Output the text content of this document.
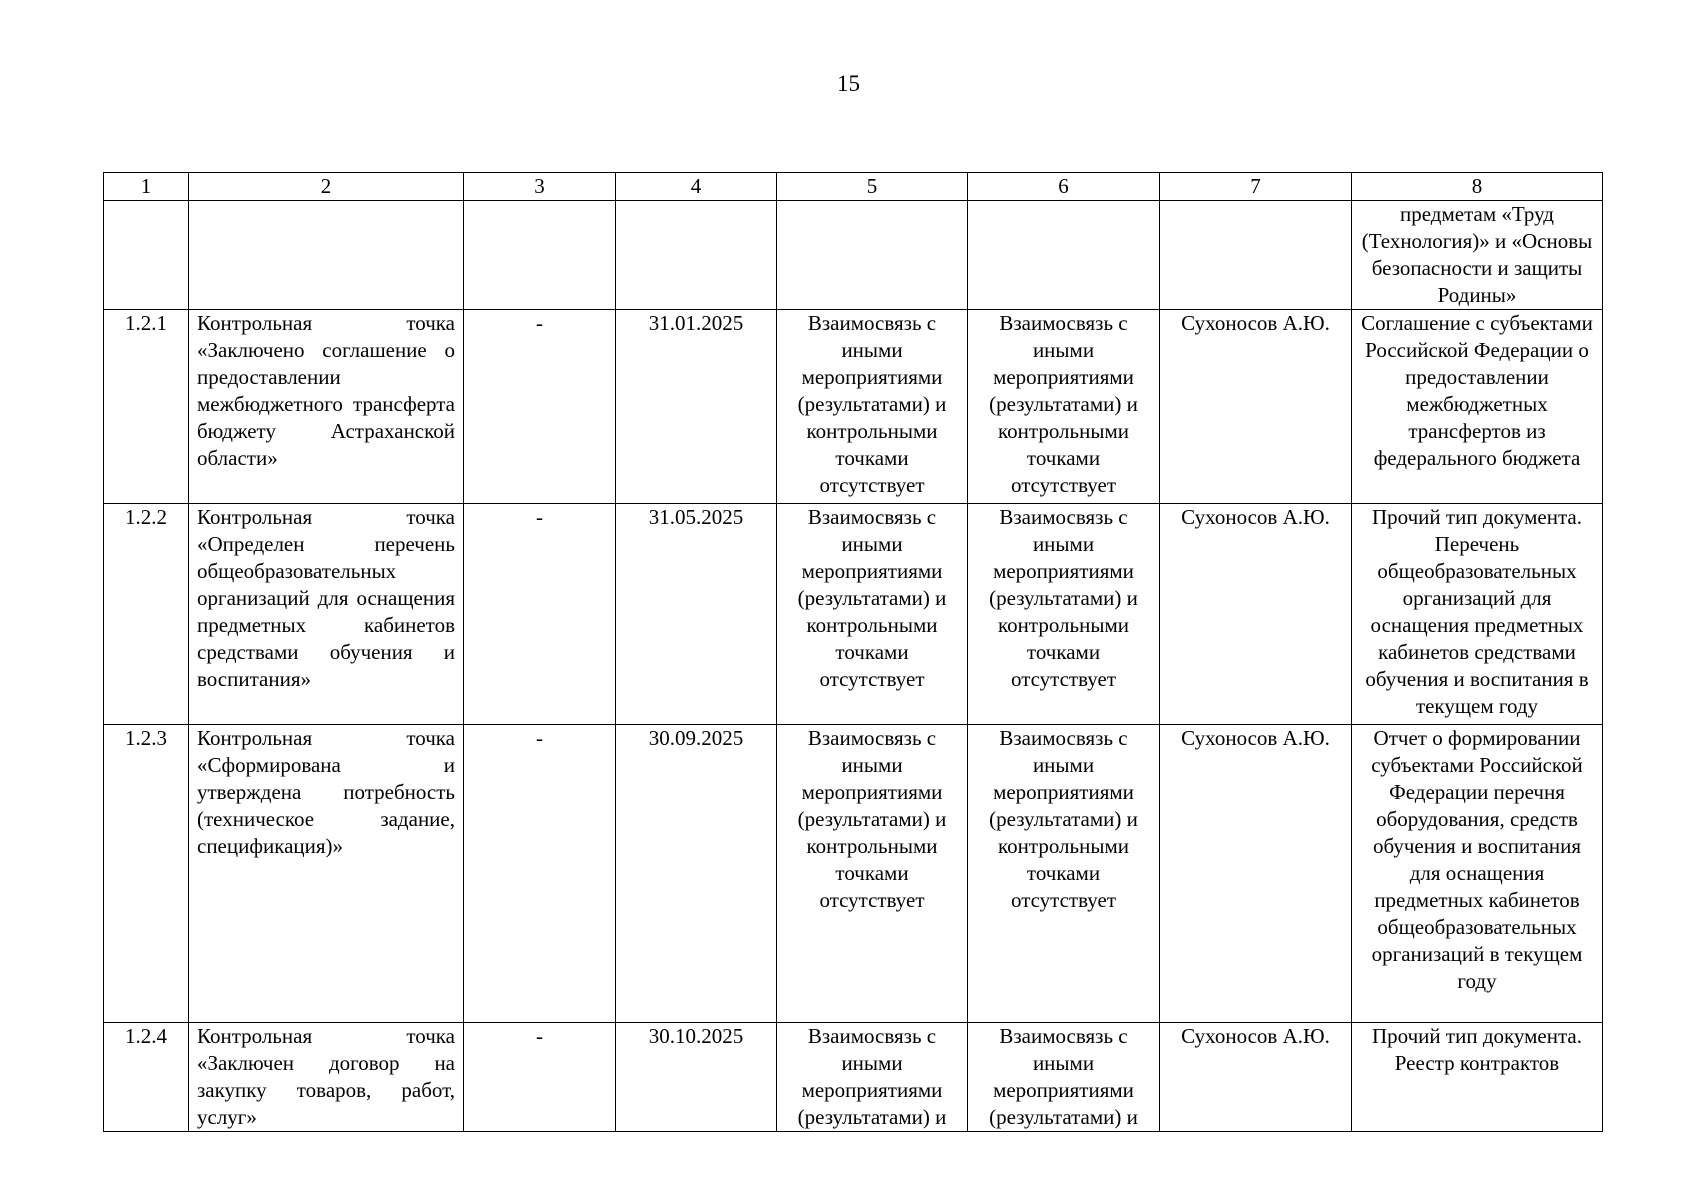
15
1	2	3	4	5	6	7	8
							предметам «Труд (Технология)» и «Основы безопасности и защиты Родины»
1.2.1	Контрольная точка «Заключено соглашение о предоставлении межбюджетного трансферта бюджету Астраханской области»	-	31.01.2025	Взаимосвязь с иными мероприятиями (результатами) и контрольными точками отсутствует	Взаимосвязь с иными мероприятиями (результатами) и контрольными точками отсутствует	Сухоносов А.Ю.	Соглашение с субъектами Российской Федерации о предоставлении межбюджетных трансфертов из федерального бюджета
1.2.2	Контрольная точка «Определен перечень общеобразовательных организаций для оснащения предметных кабинетов средствами обучения и воспитания»	-	31.05.2025	Взаимосвязь с иными мероприятиями (результатами) и контрольными точками отсутствует	Взаимосвязь с иными мероприятиями (результатами) и контрольными точками отсутствует	Сухоносов А.Ю.	Прочий тип документа. Перечень общеобразовательных организаций для оснащения предметных кабинетов средствами обучения и воспитания в текущем году
1.2.3	Контрольная точка «Сформирована и утверждена потребность (техническое задание, спецификация)»	-	30.09.2025	Взаимосвязь с иными мероприятиями (результатами) и контрольными точками отсутствует	Взаимосвязь с иными мероприятиями (результатами) и контрольными точками отсутствует	Сухоносов А.Ю.	Отчет о формировании субъектами Российской Федерации перечня оборудования, средств обучения и воспитания для оснащения предметных кабинетов общеобразовательных организаций в текущем году
1.2.4	Контрольная точка «Заключен договор на закупку товаров, работ, услуг»	-	30.10.2025	Взаимосвязь с иными мероприятиями (результатами) и	Взаимосвязь с иными мероприятиями (результатами) и	Сухоносов А.Ю.	Прочий тип документа. Реестр контрактов
